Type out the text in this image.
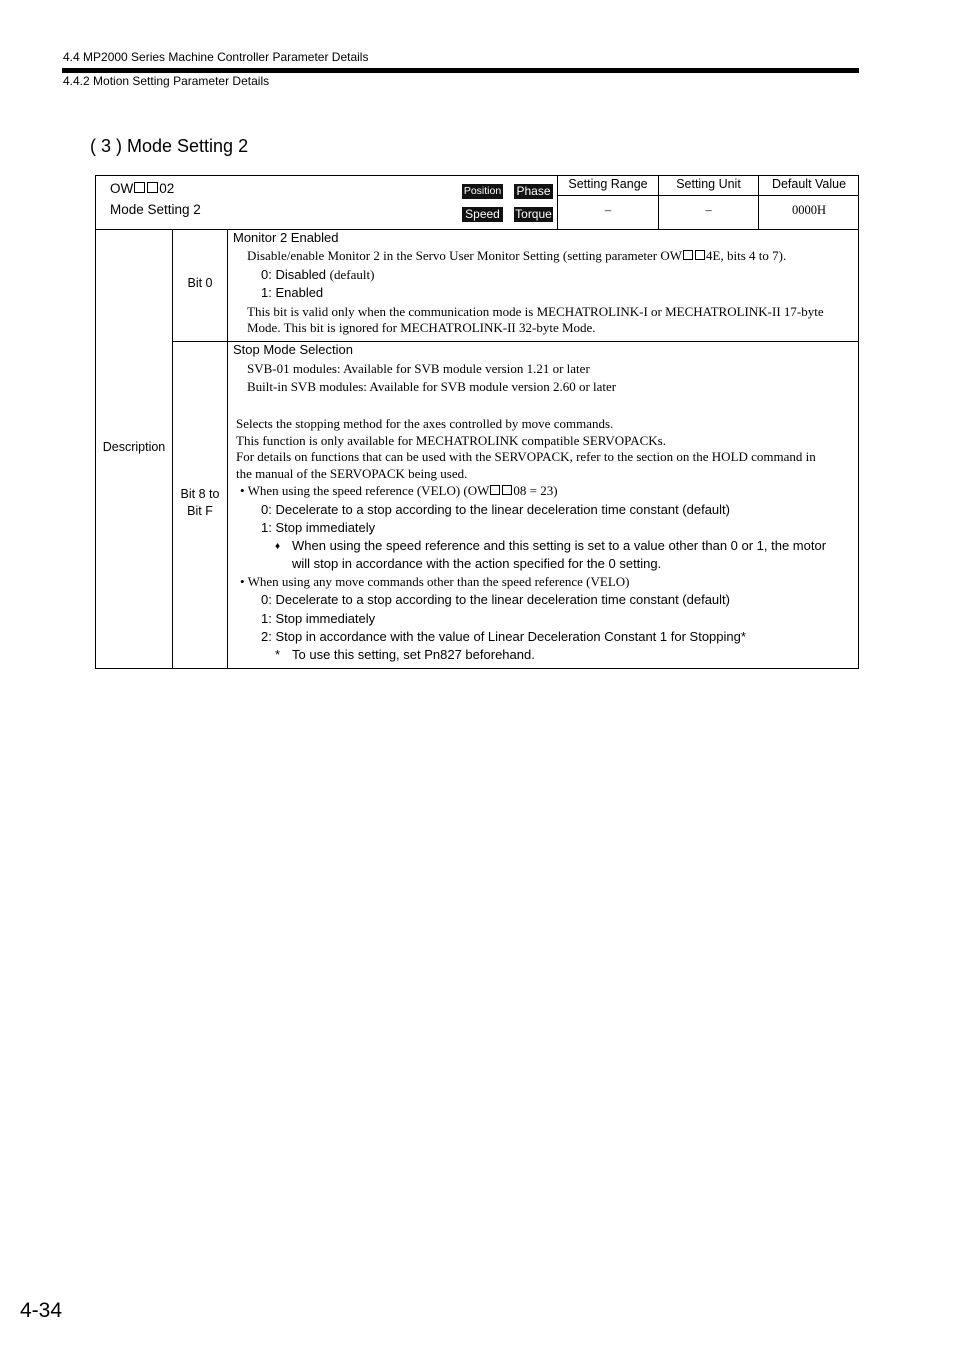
4.4 MP2000 Series Machine Controller Parameter Details
4.4.2 Motion Setting Parameter Details
( 3 ) Mode Setting 2
OW 02
Mode Setting 2
Position Phase
Speed Torque
Setting Range	Setting Unit	Default Value
–	–	0000H
Description
Bit 0
Monitor 2 Enabled
Disable/enable Monitor 2 in the Servo User Monitor Setting (setting parameter OW 4E, bits 4 to 7).
0: Disabled (default)
1: Enabled
This bit is valid only when the communication mode is MECHATROLINK-I or MECHATROLINK-II 17-byte
Mode. This bit is ignored for MECHATROLINK-II 32-byte Mode.
Bit 8 to
Bit F
Stop Mode Selection
SVB-01 modules: Available for SVB module version 1.21 or later
Built-in SVB modules: Available for SVB module version 2.60 or later
Selects the stopping method for the axes controlled by move commands.
This function is only available for MECHATROLINK compatible SERVOPACKs.
For details on functions that can be used with the SERVOPACK, refer to the section on the HOLD command in
the manual of the SERVOPACK being used.
• When using the speed reference (VELO) (OW 08 = 23)
0: Decelerate to a stop according to the linear deceleration time constant (default)
1: Stop immediately
♦ When using the speed reference and this setting is set to a value other than 0 or 1, the motor
will stop in accordance with the action specified for the 0 setting.
• When using any move commands other than the speed reference (VELO)
0: Decelerate to a stop according to the linear deceleration time constant (default)
1: Stop immediately
2: Stop in accordance with the value of Linear Deceleration Constant 1 for Stopping*
* To use this setting, set Pn827 beforehand.
4-34
